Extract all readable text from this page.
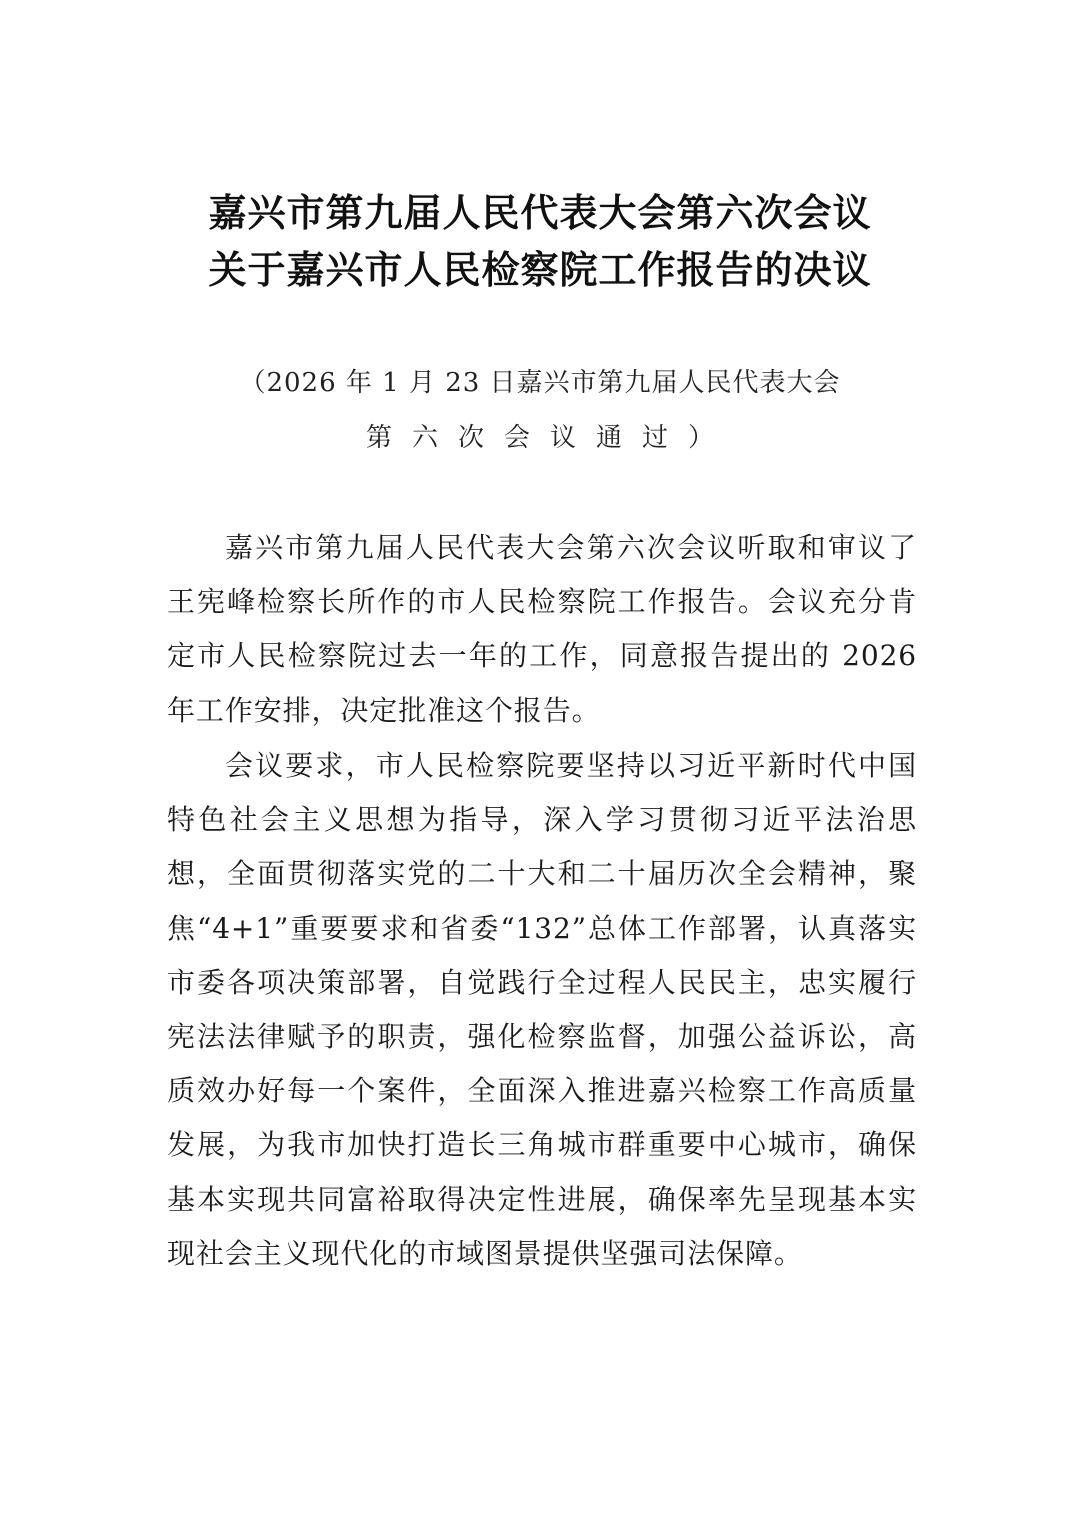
嘉兴市第九届人民代表大会第六次会议
关于嘉兴市人民检察院工作报告的决议
（2026 年 1 月 23 日嘉兴市第九届人民代表大会
第六次会议通过）

嘉兴市第九届人民代表大会第六次会议听取和审议了王宪峰检察长所作的市人民检察院工作报告。会议充分肯定市人民检察院过去一年的工作，同意报告提出的 2026 年工作安排，决定批准这个报告。

会议要求，市人民检察院要坚持以习近平新时代中国特色社会主义思想为指导，深入学习贯彻习近平法治思想，全面贯彻落实党的二十大和二十届历次全会精神，聚焦“4+1”重要要求和省委“132”总体工作部署，认真落实市委各项决策部署，自觉践行全过程人民民主，忠实履行宪法法律赋予的职责，强化检察监督，加强公益诉讼，高质效办好每一个案件，全面深入推进嘉兴检察工作高质量发展，为我市加快打造长三角城市群重要中心城市，确保基本实现共同富裕取得决定性进展，确保率先呈现基本实现社会主义现代化的市域图景提供坚强司法保障。
